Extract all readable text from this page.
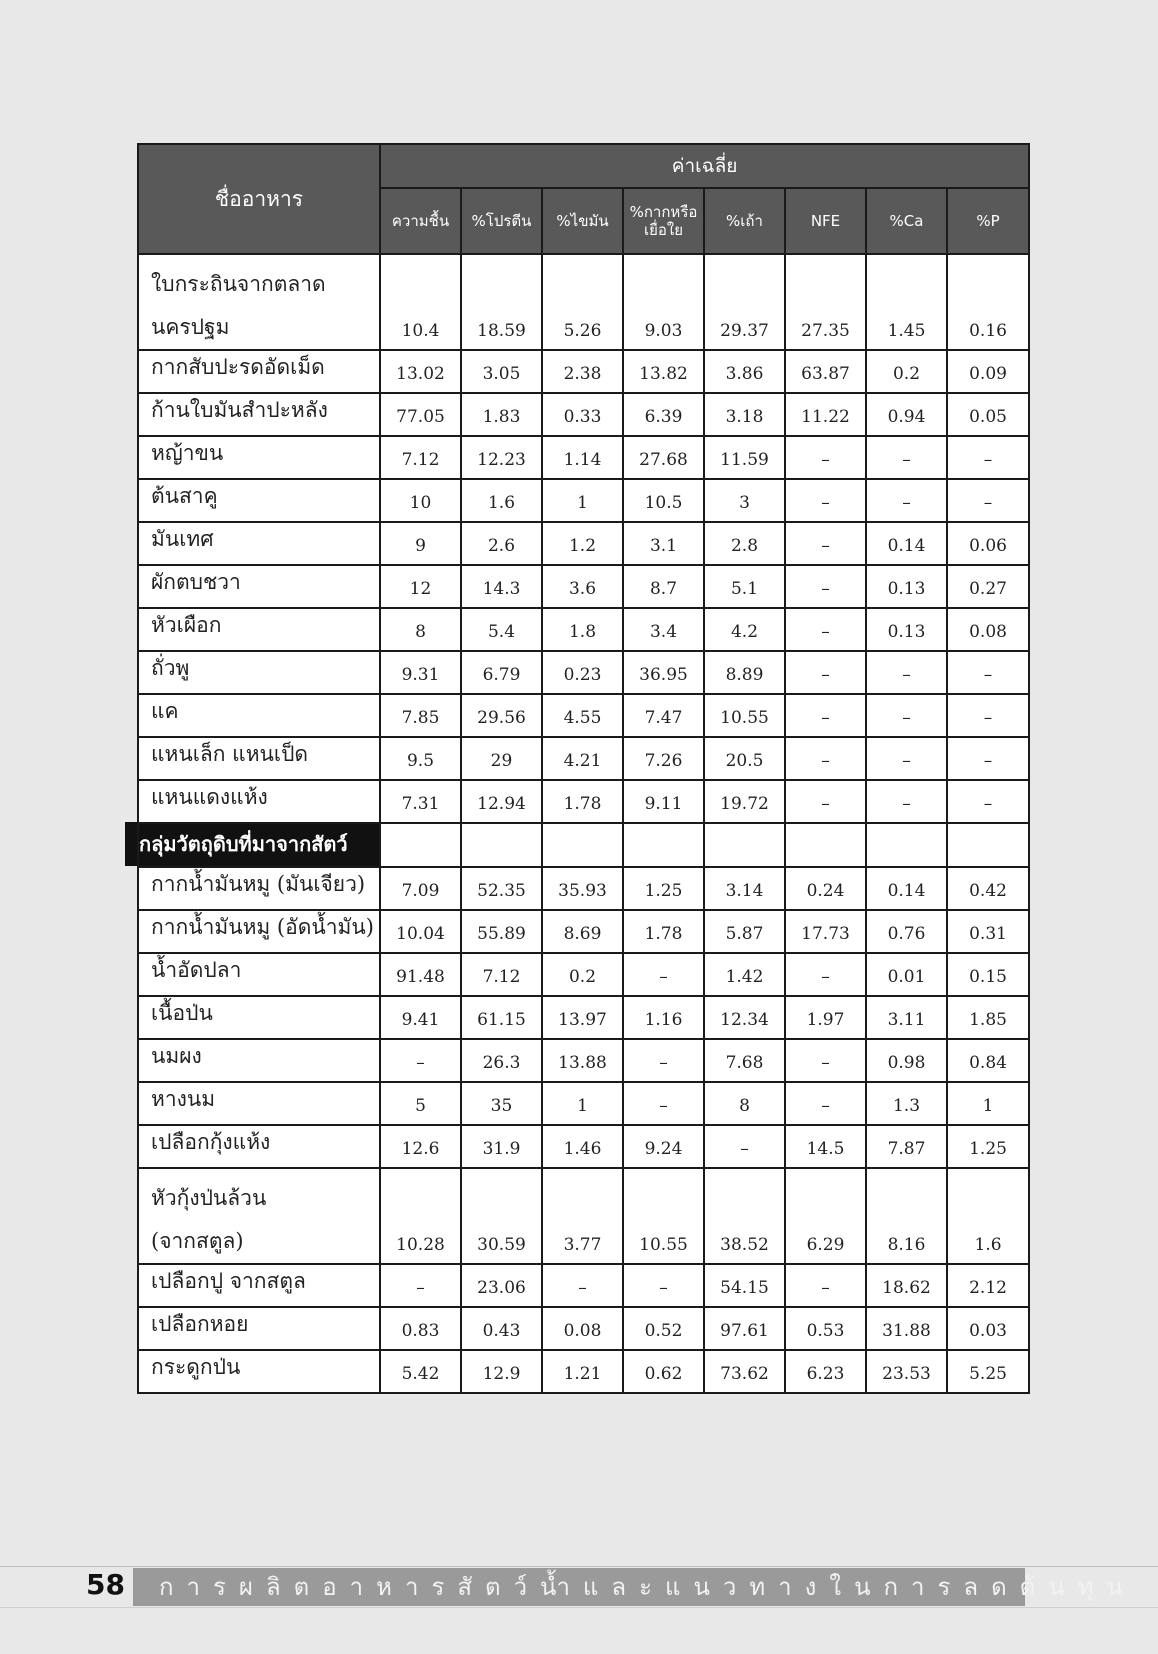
ชื่ออาหาร	ค่าเฉลี่ย							
	ความชื้น	%โปรตีน	%ไขมัน	%กากหรือ
เยื่อใย	%เถ้า	NFE	%Ca	%P
ใบกระถินจากตลาด
นครปฐม	10.4	18.59	5.26	9.03	29.37	27.35	1.45	0.16
กากสับปะรดอัดเม็ด	13.02	3.05	2.38	13.82	3.86	63.87	0.2	0.09
ก้านใบมันสำปะหลัง	77.05	1.83	0.33	6.39	3.18	11.22	0.94	0.05
หญ้าขน	7.12	12.23	1.14	27.68	11.59	–	–	–
ต้นสาคู	10	1.6	1	10.5	3	–	–	–
มันเทศ	9	2.6	1.2	3.1	2.8	–	0.14	0.06
ผักตบชวา	12	14.3	3.6	8.7	5.1	–	0.13	0.27
หัวเผือก	8	5.4	1.8	3.4	4.2	–	0.13	0.08
ถั่วพู	9.31	6.79	0.23	36.95	8.89	–	–	–
แค	7.85	29.56	4.55	7.47	10.55	–	–	–
แหนเล็ก แหนเป็ด	9.5	29	4.21	7.26	20.5	–	–	–
แหนแดงแห้ง	7.31	12.94	1.78	9.11	19.72	–	–	–

กลุ่มวัตถุดิบที่มาจากสัตว์								

กากน้ำมันหมู (มันเจียว)	7.09	52.35	35.93	1.25	3.14	0.24	0.14	0.42
กากน้ำมันหมู (อัดน้ำมัน)	10.04	55.89	8.69	1.78	5.87	17.73	0.76	0.31
น้ำอัดปลา	91.48	7.12	0.2	–	1.42	–	0.01	0.15
เนื้อป่น	9.41	61.15	13.97	1.16	12.34	1.97	3.11	1.85
นมผง	–	26.3	13.88	–	7.68	–	0.98	0.84
หางนม	5	35	1	–	8	–	1.3	1
เปลือกกุ้งแห้ง	12.6	31.9	1.46	9.24	–	14.5	7.87	1.25
หัวกุ้งป่นล้วน
(จากสตูล)	10.28	30.59	3.77	10.55	38.52	6.29	8.16	1.6
เปลือกปู จากสตูล	–	23.06	–	–	54.15	–	18.62	2.12
เปลือกหอย	0.83	0.43	0.08	0.52	97.61	0.53	31.88	0.03
กระดูกป่น	5.42	12.9	1.21	0.62	73.62	6.23	23.53	5.25
58	การผลิตอาหารสัตว์น้ำและแนวทางในการลดต้นทุน
